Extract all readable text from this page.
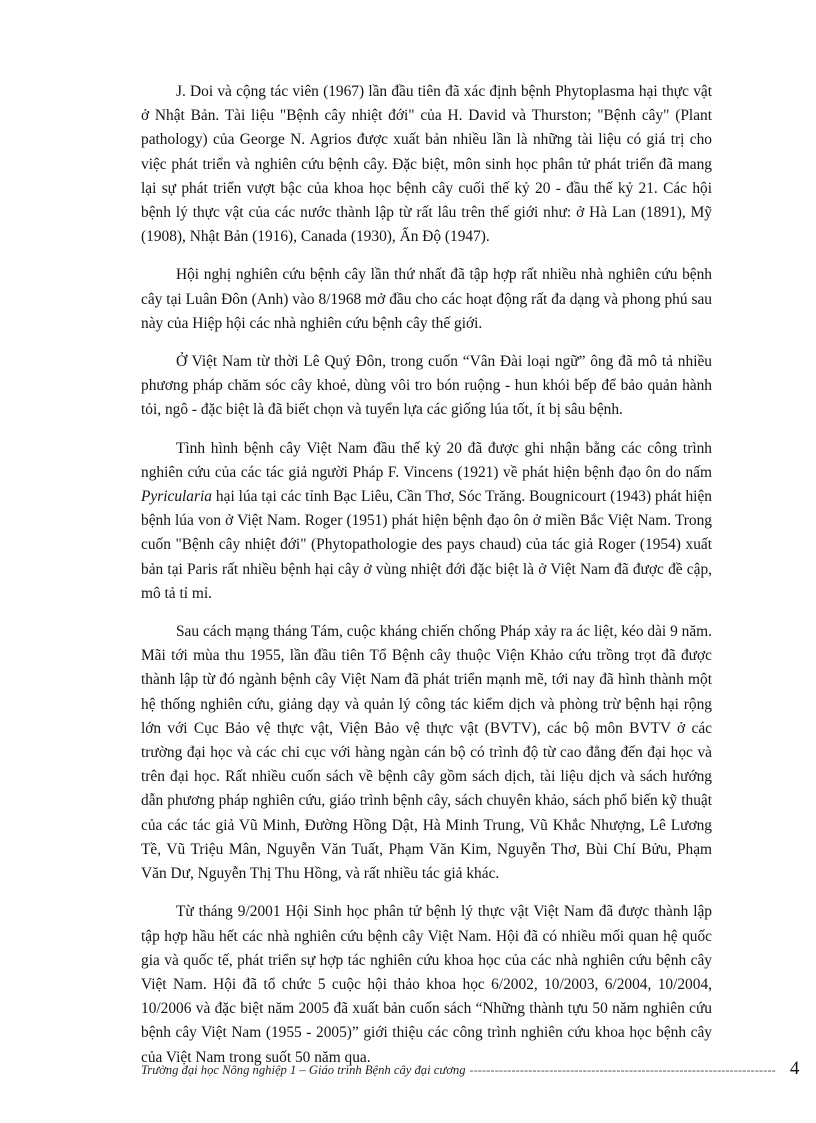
J. Doi và cộng tác viên (1967) lần đầu tiên đã xác định bệnh Phytoplasma hại thực vật ở Nhật Bản. Tài liệu "Bệnh cây nhiệt đới" của H. David và Thurston; "Bệnh cây" (Plant pathology) của George N. Agrios được xuất bản nhiều lần là những tài liệu có giá trị cho việc phát triển và nghiên cứu bệnh cây. Đặc biệt, môn sinh học phân tử phát triển đã mang lại sự phát triển vượt bậc của khoa học bệnh cây cuối thế kỷ 20 - đầu thế kỷ 21. Các hội bệnh lý thực vật của các nước thành lập từ rất lâu trên thế giới như: ở Hà Lan (1891), Mỹ (1908), Nhật Bản (1916), Canada (1930), Ấn Độ (1947).

Hội nghị nghiên cứu bệnh cây lần thứ nhất đã tập hợp rất nhiều nhà nghiên cứu bệnh cây tại Luân Đôn (Anh) vào 8/1968 mở đầu cho các hoạt động rất đa dạng và phong phú sau này của Hiệp hội các nhà nghiên cứu bệnh cây thế giới.

Ở Việt Nam từ thời Lê Quý Đôn, trong cuốn “Vân Đài loại ngữ” ông đã mô tả nhiều phương pháp chăm sóc cây khoẻ, dùng vôi tro bón ruộng - hun khói bếp để bảo quản hành tỏi, ngô - đặc biệt là đã biết chọn và tuyển lựa các giống lúa tốt, ít bị sâu bệnh.

Tình hình bệnh cây Việt Nam đầu thế kỷ 20 đã được ghi nhận bằng các công trình nghiên cứu của các tác giả người Pháp F. Vincens (1921) về phát hiện bệnh đạo ôn do nấm Pyricularia hại lúa tại các tỉnh Bạc Liêu, Cần Thơ, Sóc Trăng. Bougnicourt (1943) phát hiện bệnh lúa von ở Việt Nam. Roger (1951) phát hiện bệnh đạo ôn ở miền Bắc Việt Nam. Trong cuốn "Bệnh cây nhiệt đới" (Phytopathologie des pays chaud) của tác giả Roger (1954) xuất bản tại Paris rất nhiều bệnh hại cây ở vùng nhiệt đới đặc biệt là ở Việt Nam đã được đề cập, mô tả tỉ mỉ.

Sau cách mạng tháng Tám, cuộc kháng chiến chống Pháp xảy ra ác liệt, kéo dài 9 năm. Mãi tới mùa thu 1955, lần đầu tiên Tổ Bệnh cây thuộc Viện Khảo cứu trồng trọt đã được thành lập từ đó ngành bệnh cây Việt Nam đã phát triển mạnh mẽ, tới nay đã hình thành một hệ thống nghiên cứu, giảng dạy và quản lý công tác kiểm dịch và phòng trừ bệnh hại rộng lớn với Cục Bảo vệ thực vật, Viện Bảo vệ thực vật (BVTV), các bộ môn BVTV ở các trường đại học và các chi cục với hàng ngàn cán bộ có trình độ từ cao đẳng đến đại học và trên đại học. Rất nhiều cuốn sách về bệnh cây gồm sách dịch, tài liệu dịch và sách hướng dẫn phương pháp nghiên cứu, giáo trình bệnh cây, sách chuyên khảo, sách phổ biến kỹ thuật của các tác giả Vũ Minh, Đường Hồng Dật, Hà Minh Trung, Vũ Khắc Nhượng, Lê Lương Tề, Vũ Triệu Mân, Nguyễn Văn Tuất, Phạm Văn Kim, Nguyễn Thơ, Bùi Chí Bửu, Phạm Văn Dư, Nguyễn Thị Thu Hồng, và rất nhiều tác giả khác.

Từ tháng 9/2001 Hội Sinh học phân tử bệnh lý thực vật Việt Nam đã được thành lập tập hợp hầu hết các nhà nghiên cứu bệnh cây Việt Nam. Hội đã có nhiều mối quan hệ quốc gia và quốc tế, phát triển sự hợp tác nghiên cứu khoa học của các nhà nghiên cứu bệnh cây Việt Nam. Hội đã tổ chức 5 cuộc hội thảo khoa học 6/2002, 10/2003, 6/2004, 10/2004, 10/2006 và đặc biệt năm 2005 đã xuất bản cuốn sách “Những thành tựu 50 năm nghiên cứu bệnh cây Việt Nam (1955 - 2005)” giới thiệu các công trình nghiên cứu khoa học bệnh cây của Việt Nam trong suốt 50 năm qua.

Trường đại học Nông nghiệp 1 – Giáo trình Bệnh cây đại cương ------------------------------------------------------------------------- 4
